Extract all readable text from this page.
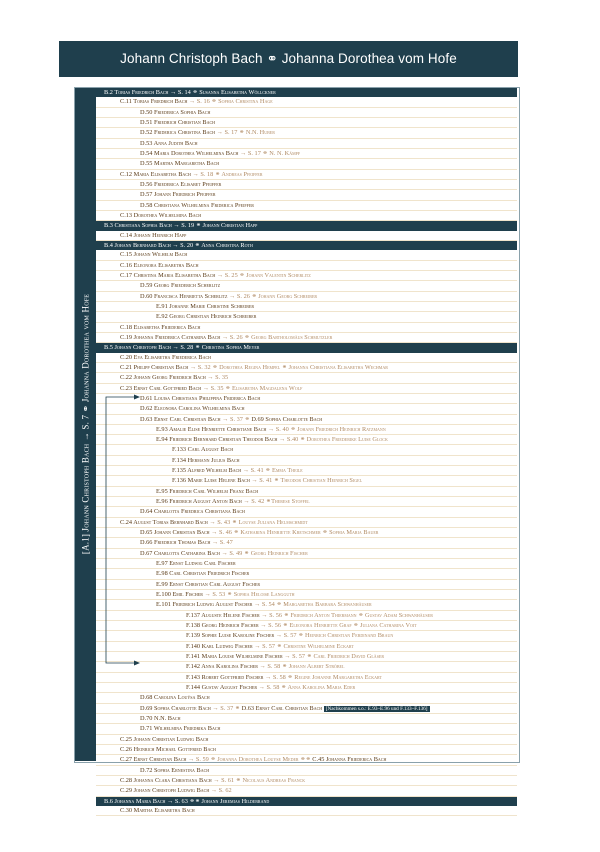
Johann Christoph Bach ⚭ Johanna Dorothea vom Hofe
[A.1] Johann Christoph Bach → S. 7 ⚭ Johanna Dorothea vom Hofe
B.2 Tobias Friedrich Bach → S. 14 ⚭ Susanna Elisabetha Wöllckner
C.11 Tobias Friedrich Bach → S. 16 ⚭ Sophia Christina Hage
D.50 Friederica Sophia Bach
D.51 Friedrich Christian Bach
D.52 Friderica Christina Bach → S. 17 ⚭ N.N. Huber
D.53 Anna Judith Bach
D.54 Maria Dorothea Wilhelmina Bach → S. 17 ⚭ N. N. Kämpf
D.55 Martha Margaretha Bach
C.12 Maria Elisabetha Bach → S. 18 ⚭ Andreas Pfeiffer
D.56 Friederica Elisabet Pfeiffer
D.57 Johann Friedrich Pfeiffer
D.58 Christiana Wilhelmina Friderica Pfeiffer
C.13 Dorothea Wilhelmina Bach
B.3 Christiana Sophia Bach → S. 19 ⚭ Johann Christian Happ
C.14 Johann Heinrich Happ
B.4 Johann Bernhard Bach → S. 20 ⚭ Anna Christina Roth
C.15 Johann Wilhelm Bach
C.16 Eleonora Elisabetha Bach
C.17 Christina Maria Elisabetha Bach → S. 25 ⚭ Johann Valentin Scherlitz
D.59 Georg Friederich Scherlitz
D.60 Francisca Henrietta Scherlitz → S. 26 ⚭ Johann Georg Schreiber
E.91 Johanne Marie Christine Schreiber
E.92 Georg Christian Heinrich Schreiber
C.18 Elisabetha Friederica Bach
C.19 Johanna Friederica Catharina Bach → S. 26 ⚭ Georg Bartholomäus Schmutzler
B.5 Johann Christoph Bach → S. 28 ⚭ Christina Sophia Meyer
C.20 Eva Elisabetha Friederica Bach
C.21 Philipp Christian Bach → S. 32 ⚭ Dorothea Regina Hempel ⚭ Johanna Christiana Elisabetha Wechmar
C.22 Johann Georg Friedrich Bach → S. 35
C.23 Ernst Carl Gottfried Bach → S. 35 ⚭ Elisabetha Magdalena Wolf
D.61 Louisa Christiana Philippina Friderica Bach
D.62 Eleonora Carolina Wilhelmina Bach
D.63 Ernst Carl Christian Bach → S. 37 ⚭ D.69 Sophia Charlotte Bach
E.93 Amalie Elise Henriette Christiane Bach → S. 40 ⚭ Johann Friedrich Heinrich Ratzmann
E.94 Friedrich Bernhard Christian Theodor Bach → S.40 ⚭ Dorothea Friederike Luise Glock
F.133 Carl August Bach
F.134 Hermann Julius Bach
F.135 Alfred Wilhelm Bach → S. 41 ⚭ Emma Theile
F.136 Marie Luise Helene Bach → S. 41 ⚭ Theodor Christian Heinrich Sigel
E.95 Friedrich Carl Wilhelm Franz Bach
E.96 Friedrich August Anton Bach → S. 42 ⚭Therese Stoffel
D.64 Charlotta Friedrica Christiana Bach
C.24 August Tobias Bernhard Bach → S. 43 ⚭ Louyse Juliana Helmschmidt
D.65 Johann Christian Bach → S. 46 ⚭ Katharina Henriette Kretschmer ⚭ Sophia Maria Bauer
D.66 Friedrich Thomas Bach → S. 47
D.67 Charlotta Catharina Bach → S. 49 ⚭ Georg Heinrich Fischer
E.97 Ernst Ludwig Carl Fischer
E.98 Carl Christian Friedrich Fischer
E.99 Ernst Christian Carl August Fischer
E.100 Emil Fischer → S. 53 ⚭ Sophia Heloise Langguth
E.101 Friedrich Ludwig August Fischer → S. 54 ⚭ Margaretha Barbara Schwanhäuser
F.137 Auguste Helene Fischer → S. 56 ⚭ Friedrich Anton Thiermann ⚭ Gustav Adam Schwanhäuser
F.138 Georg Heinrich Fischer → S. 56 ⚭ Eleonora Henriette Graf ⚭ Juliana Catharina Voit
F.139 Sophie Luise Karoline Fischer → S. 57 ⚭ Heinrich Christian Ferdinand Braun
F.140 Karl Ludwig Fischer → S. 57 ⚭ Christine Wilhelmine Eckart
F.141 Maria Louise Wilhelmine Fischer → S. 57 ⚭ Carl Friedrich David Gläser
F.142 Anna Karolina Fischer → S. 58 ⚭ Johann Albert Ströbel
F.143 Robert Gottfried Fischer → S. 58 ⚭ Regine Johanne Margaretha Eckart
F.144 Gustav August Fischer → S. 58 ⚭ Anna Karolina Maria Eder
D.68 Carolina Louÿsa Bach
D.69 Sophia Charlotte Bach → S. 37 ⚭ D.63 Ernst Carl Christian Bach [Nachkommen s.o.: E.93–E.96 und F.133–F.136]
D.70 N.N. Bach
D.71 Wilhelmina Friedrika Bach
C.25 Johann Christian Ludwig Bach
C.26 Heinrich Michael Gottfried Bach
C.27 Ernst Christian Bach → S. 59 ⚭ Johanna Dorothea Louyse Meder ⚭⚭ C.45 Johanna Friederica Bach
D.72 Sophia Ernestina Bach
C.28 Johanna Clara Christiana Bach → S. 61 ⚭ Nicolaus Andreas Franck
C.29 Johann Christoph Ludwig Bach → S. 62
B.6 Johanna Maria Bach → S. 63 ⚭⚭ Johann Jeremias Hildebrand
C.30 Martha Elisabetha Bach
